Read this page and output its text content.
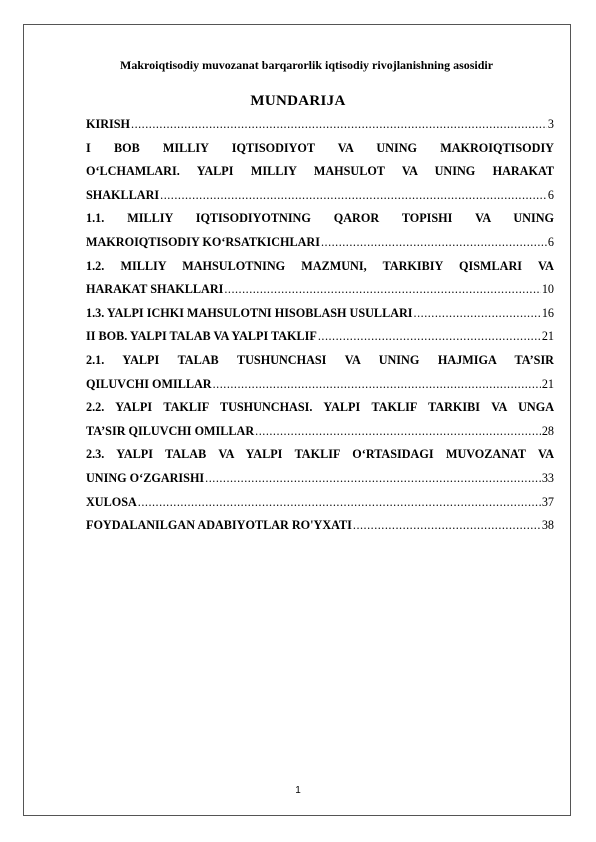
Makroiqtisodiy muvozanat barqarorlik iqtisodiy rivojlanishning asosidir
MUNDARIJA
KIRISH .....	3
I BOB MILLIY IQTISODIYOT VA UNING MAKROIQTISODIY
O‘LCHAMLARI. YALPI MILLIY MAHSULOT VA UNING HARAKAT
SHAKLLARI .....	6
1.1. MILLIY IQTISODIYOTNING QAROR TOPISHI VA UNING
MAKROIQTISODIY KO‘RSATKICHLARI .....	6
1.2. MILLIY MAHSULOTNING MAZMUNI, TARKIBIY QISMLARI VA
HARAKAT SHAKLLARI .....	10
1.3. YALPI ICHKI MAHSULOTNI HISOBLASH USULLARI .....	16
II BOB. YALPI TALAB VA YALPI TAKLIF .....	21
2.1. YALPI TALAB TUSHUNCHASI VA UNING HAJMIGA TA’SIR
QILUVCHI OMILLAR .....	21
2.2. YALPI TAKLIF TUSHUNCHASI. YALPI TAKLIF TARKIBI VA UNGA
TA’SIR QILUVCHI OMILLAR .....	28
2.3. YALPI TALAB VA YALPI TAKLIF O‘RTASIDAGI MUVOZANAT VA
UNING O‘ZGARISHI .....	33
XULOSA .....	37
FOYDALANILGAN ADABIYOTLAR RO'YXATI .....	38
1
